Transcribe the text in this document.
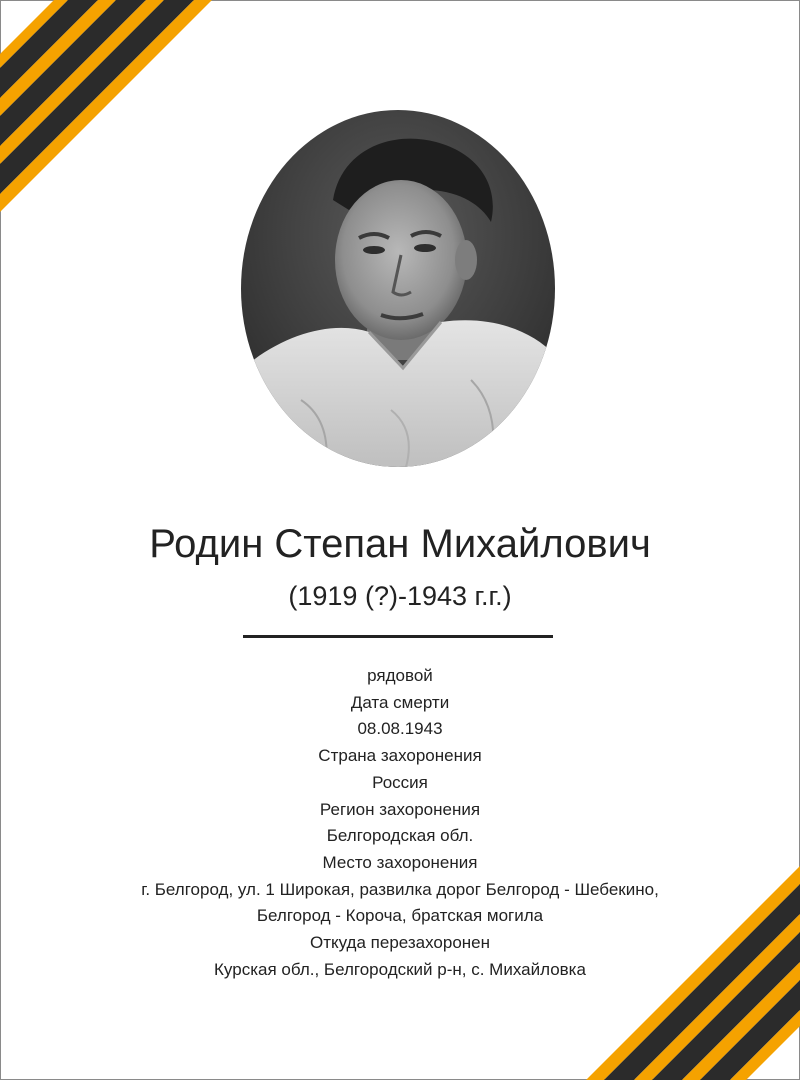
Родин Степан Михайлович
(1919 (?)-1943 г.г.)
рядовой
Дата смерти
08.08.1943
Страна захоронения
Россия
Регион захоронения
Белгородская обл.
Место захоронения
г. Белгород, ул. 1 Широкая, развилка дорог Белгород - Шебекино,
Белгород - Короча, братская могила
Откуда перезахоронен
Курская обл., Белгородский р-н, с. Михайловка
